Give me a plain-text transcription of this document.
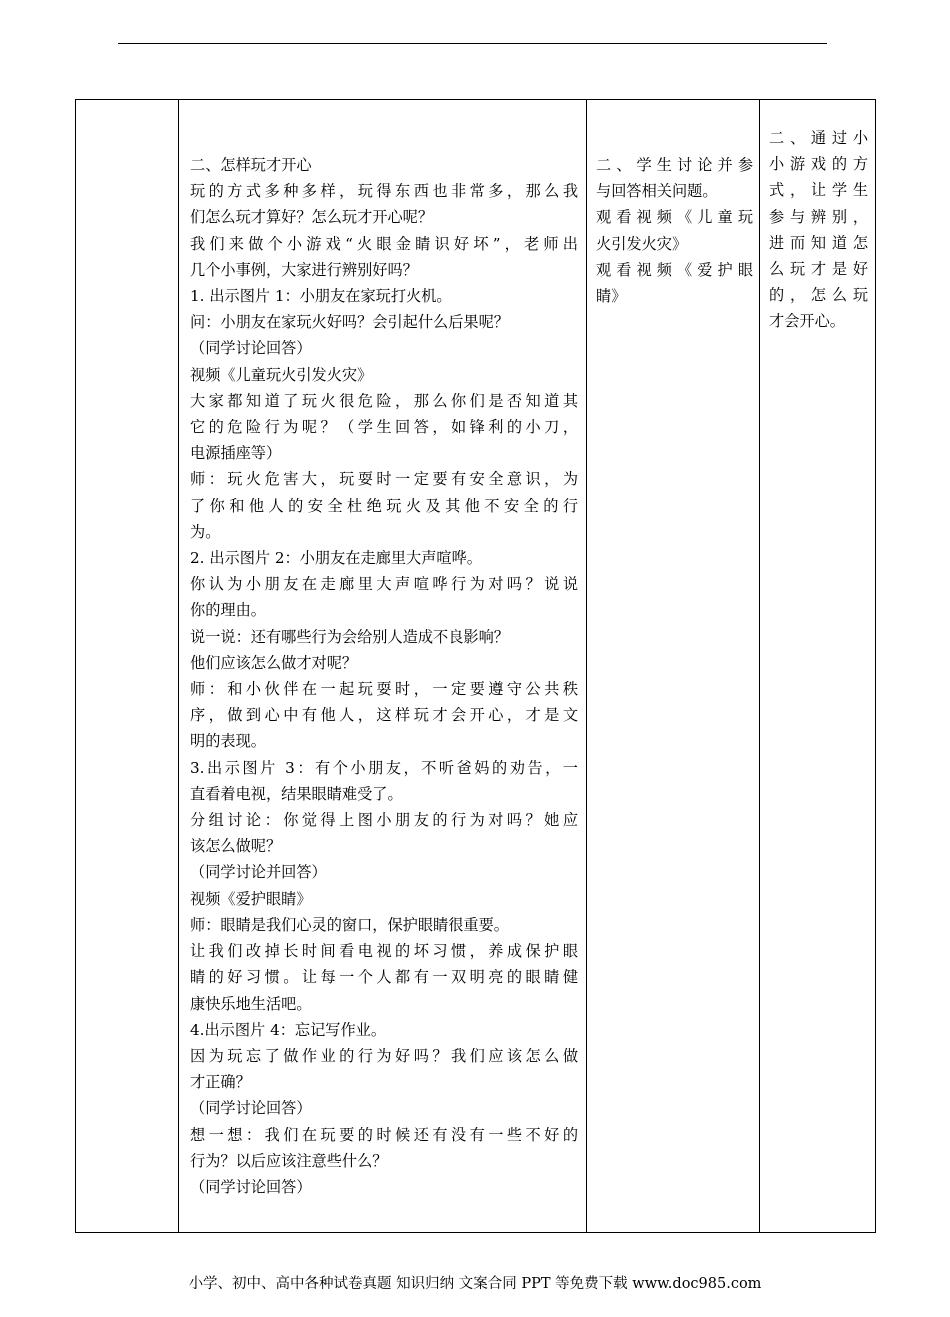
二、怎样玩才开心
玩的方式多种多样，玩得东西也非常多，那么我
们怎么玩才算好？怎么玩才开心呢？
我们来做个小游戏“火眼金睛识好坏”，老师出
几个小事例，大家进行辨别好吗？
1. 出示图片 1：小朋友在家玩打火机。
问：小朋友在家玩火好吗？会引起什么后果呢？
（同学讨论回答）
视频《儿童玩火引发火灾》
大家都知道了玩火很危险，那么你们是否知道其
它的危险行为呢？（学生回答，如锋利的小刀，
电源插座等）
师：玩火危害大，玩耍时一定要有安全意识，为
了你和他人的安全杜绝玩火及其他不安全的行
为。
2. 出示图片 2：小朋友在走廊里大声喧哗。
你认为小朋友在走廊里大声喧哗行为对吗？说说
你的理由。
说一说：还有哪些行为会给别人造成不良影响？
他们应该怎么做才对呢？
师：和小伙伴在一起玩耍时，一定要遵守公共秩
序，做到心中有他人，这样玩才会开心，才是文
明的表现。
3.出示图片 3：有个小朋友，不听爸妈的劝告，一
直看着电视，结果眼睛难受了。
分组讨论：你觉得上图小朋友的行为对吗？她应
该怎么做呢？
（同学讨论并回答）
视频《爱护眼睛》
师：眼睛是我们心灵的窗口，保护眼睛很重要。
让我们改掉长时间看电视的坏习惯，养成保护眼
睛的好习惯。让每一个人都有一双明亮的眼睛健
康快乐地生活吧。
4.出示图片 4：忘记写作业。
因为玩忘了做作业的行为好吗？我们应该怎么做
才正确？
（同学讨论回答）
想一想：我们在玩要的时候还有没有一些不好的
行为？以后应该注意些什么？
（同学讨论回答）

二、学生讨论并参
与回答相关问题。
观看视频《儿童玩
火引发火灾》
观看视频《爱护眼
睛》

二、通过小
小游戏的方
式，让学生
参与辨别，
进而知道怎
么玩才是好
的，怎么玩
才会开心。
小学、初中、高中各种试卷真题 知识归纳 文案合同 PPT 等免费下载 www.doc985.com
